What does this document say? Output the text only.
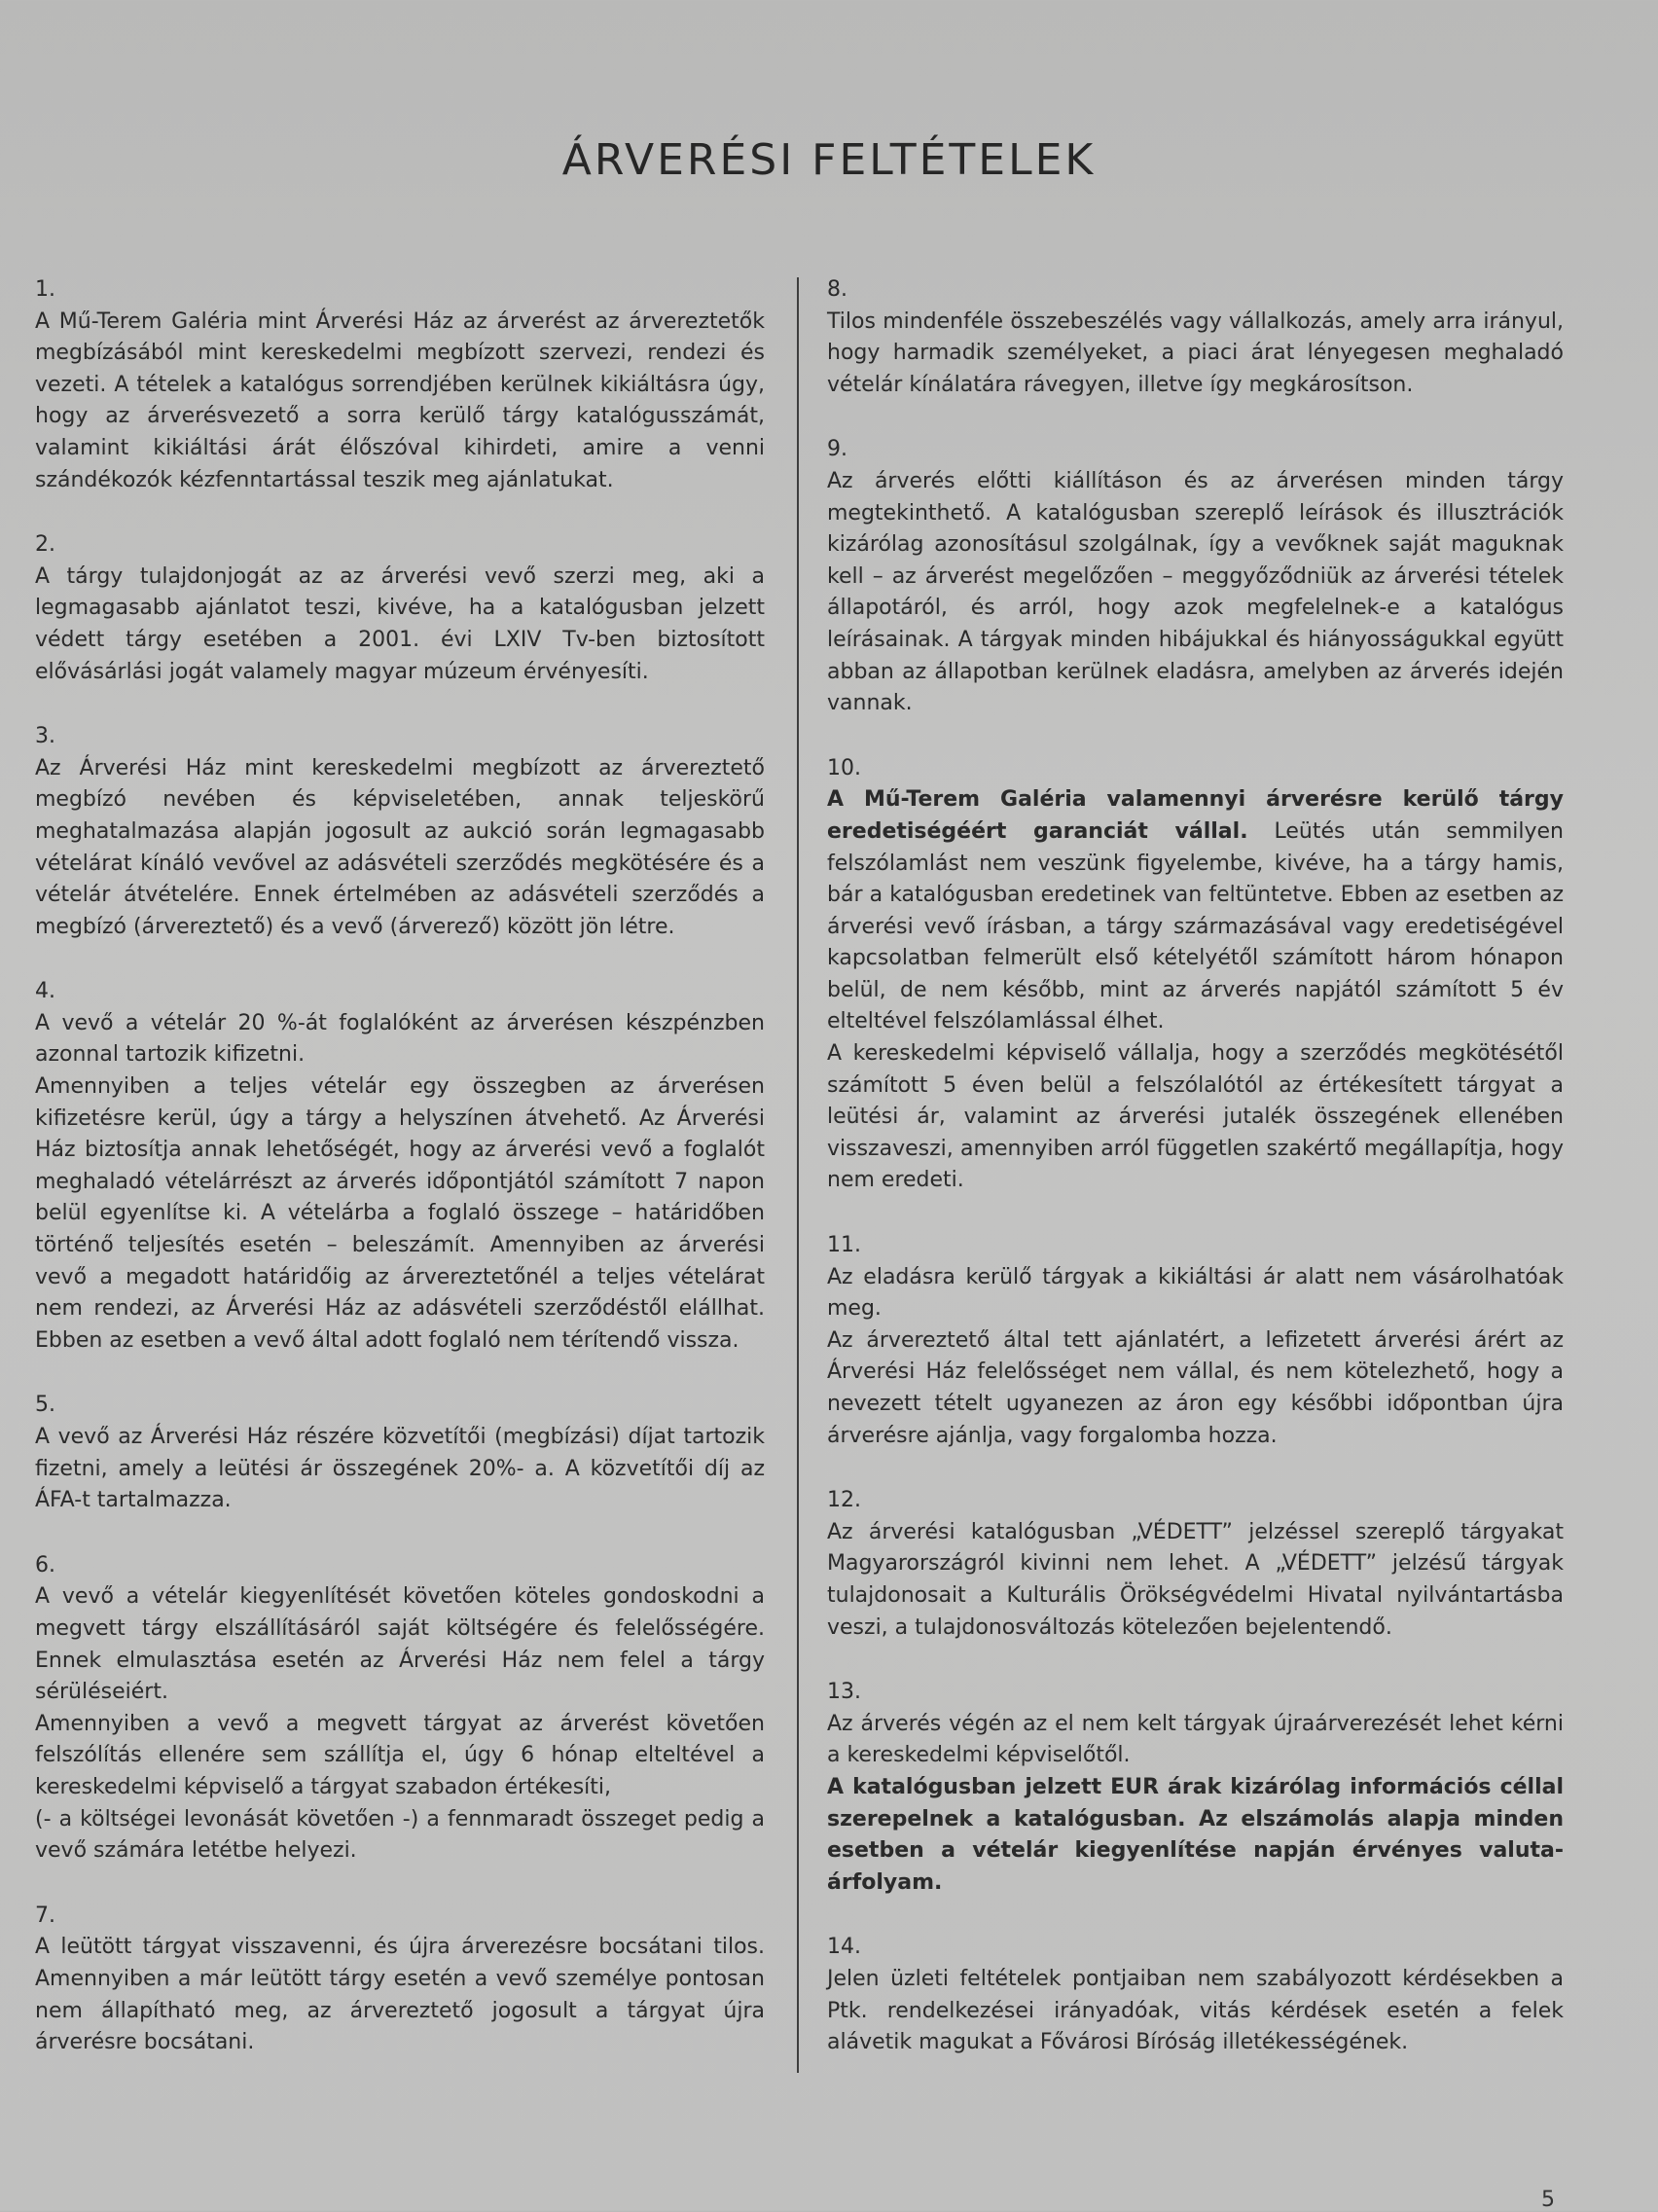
ÁRVERÉSI FELTÉTELEK
1.
A Mű-Terem Galéria mint Árverési Ház az árverést az árvereztetők megbízásából mint kereskedelmi megbízott szervezi, rendezi és vezeti. A tételek a katalógus sorrendjében kerülnek kikiáltásra úgy, hogy az árverésvezető a sorra kerülő tárgy katalógusszámát, valamint kikiáltási árát élőszóval kihirdeti, amire a venni szándékozók kézfenntartással teszik meg ajánlatukat.
2.
A tárgy tulajdonjogát az az árverési vevő szerzi meg, aki a legmagasabb ajánlatot teszi, kivéve, ha a katalógusban jelzett védett tárgy esetében a 2001. évi LXIV Tv-ben biztosított elővásárlási jogát valamely magyar múzeum érvényesíti.
3.
Az Árverési Ház mint kereskedelmi megbízott az árvereztető megbízó nevében és képviseletében, annak teljeskörű meghatalmazása alapján jogosult az aukció során legmagasabb vételárat kínáló vevővel az adásvételi szerződés megkötésére és a vételár átvételére. Ennek értelmében az adásvételi szerződés a megbízó (árvereztető) és a vevő (árverező) között jön létre.
4.
A vevő a vételár 20 %-át foglalóként az árverésen készpénzben azonnal tartozik kifizetni.
Amennyiben a teljes vételár egy összegben az árverésen kifizetésre kerül, úgy a tárgy a helyszínen átvehető. Az Árverési Ház biztosítja annak lehetőségét, hogy az árverési vevő a foglalót meghaladó vételárrészt az árverés időpontjától számított 7 napon belül egyenlítse ki. A vételárba a foglaló összege – határidőben történő teljesítés esetén – beleszámít. Amennyiben az árverési vevő a megadott határidőig az árvereztetőnél a teljes vételárat nem rendezi, az Árverési Ház az adásvételi szerződéstől elállhat. Ebben az esetben a vevő által adott foglaló nem térítendő vissza.
5.
A vevő az Árverési Ház részére közvetítői (megbízási) díjat tartozik fizetni, amely a leütési ár összegének 20%- a. A közvetítői díj az ÁFA-t tartalmazza.
6.
A vevő a vételár kiegyenlítését követően köteles gondoskodni a megvett tárgy elszállításáról saját költségére és felelősségére. Ennek elmulasztása esetén az Árverési Ház nem felel a tárgy sérüléseiért.
Amennyiben a vevő a megvett tárgyat az árverést követően felszólítás ellenére sem szállítja el, úgy 6 hónap elteltével a kereskedelmi képviselő a tárgyat szabadon értékesíti,
(- a költségei levonását követően -) a fennmaradt összeget pedig a vevő számára letétbe helyezi.
7.
A leütött tárgyat visszavenni, és újra árverezésre bocsátani tilos. Amennyiben a már leütött tárgy esetén a vevő személye pontosan nem állapítható meg, az árvereztető jogosult a tárgyat újra árverésre bocsátani.
8.
Tilos mindenféle összebeszélés vagy vállalkozás, amely arra irányul, hogy harmadik személyeket, a piaci árat lényegesen meghaladó vételár kínálatára rávegyen, illetve így megkárosítson.
9.
Az árverés előtti kiállításon és az árverésen minden tárgy megtekinthető. A katalógusban szereplő leírások és illusztrációk kizárólag azonosításul szolgálnak, így a vevőknek saját maguknak kell – az árverést megelőzően – meggyőződniük az árverési tételek állapotáról, és arról, hogy azok megfelelnek-e a katalógus leírásainak. A tárgyak minden hibájukkal és hiányosságukkal együtt abban az állapotban kerülnek eladásra, amelyben az árverés idején vannak.
10.
A Mű-Terem Galéria valamennyi árverésre kerülő tárgy eredetiségéért garanciát vállal. Leütés után semmilyen felszólamlást nem veszünk figyelembe, kivéve, ha a tárgy hamis, bár a katalógusban eredetinek van feltüntetve. Ebben az esetben az árverési vevő írásban, a tárgy származásával vagy eredetiségével kapcsolatban felmerült első kételyétől számított három hónapon belül, de nem később, mint az árverés napjától számított 5 év elteltével felszólamlással élhet.
A kereskedelmi képviselő vállalja, hogy a szerződés megkötésétől számított 5 éven belül a felszólalótól az értékesített tárgyat a leütési ár, valamint az árverési jutalék összegének ellenében visszaveszi, amennyiben arról független szakértő megállapítja, hogy nem eredeti.
11.
Az eladásra kerülő tárgyak a kikiáltási ár alatt nem vásárolhatóak meg.
Az árvereztető által tett ajánlatért, a lefizetett árverési árért az Árverési Ház felelősséget nem vállal, és nem kötelezhető, hogy a nevezett tételt ugyanezen az áron egy későbbi időpontban újra árverésre ajánlja, vagy forgalomba hozza.
12.
Az árverési katalógusban „VÉDETT” jelzéssel szereplő tárgyakat Magyarországról kivinni nem lehet. A „VÉDETT” jelzésű tárgyak tulajdonosait a Kulturális Örökségvédelmi Hivatal nyilvántartásba veszi, a tulajdonosváltozás kötelezően bejelentendő.
13.
Az árverés végén az el nem kelt tárgyak újraárverezését lehet kérni a kereskedelmi képviselőtől.
A katalógusban jelzett EUR árak kizárólag információs céllal szerepelnek a katalógusban. Az elszámolás alapja minden esetben a vételár kiegyenlítése napján érvényes valuta-árfolyam.
14.
Jelen üzleti feltételek pontjaiban nem szabályozott kérdésekben a Ptk. rendelkezései irányadóak, vitás kérdések esetén a felek alávetik magukat a Fővárosi Bíróság illetékességének.
5
